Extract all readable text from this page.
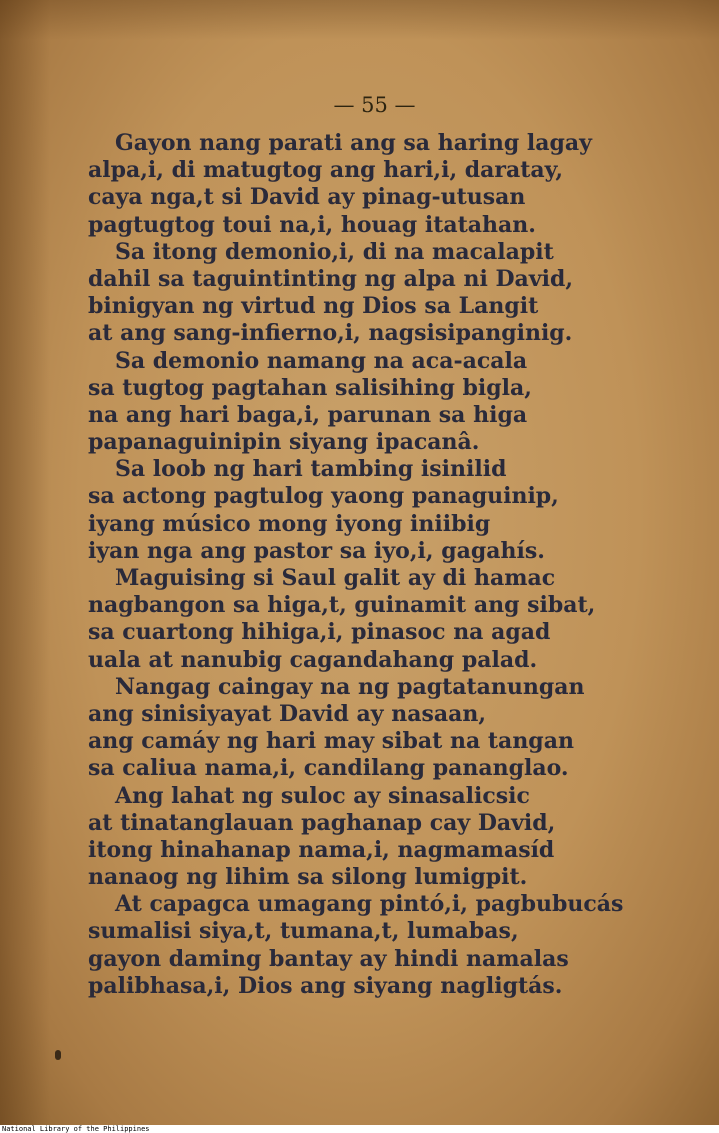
— 55 —
Gayon nang parati ang sa haring lagay
alpa,i, di matugtog ang hari,i, daratay,
caya nga,t si David ay pinag-utusan
pagtugtog toui na,i, houag itatahan.
Sa itong demonio,i, di na macalapit
dahil sa taguintinting ng alpa ni David,
binigyan ng virtud ng Dios sa Langit
at ang sang-infierno,i, nagsisipanginig.
Sa demonio namang na aca-acala
sa tugtog pagtahan salisihing bigla,
na ang hari baga,i, parunan sa higa
papanaguinipin siyang ipacanâ.
Sa loob ng hari tambing isinilid
sa actong pagtulog yaong panaguinip,
iyang músico mong iyong iniibig
iyan nga ang pastor sa iyo,i, gagahís.
Maguising si Saul galit ay di hamac
nagbangon sa higa,t, guinamit ang sibat,
sa cuartong hihiga,i, pinasoc na agad
uala at nanubig cagandahang palad.
Nangag caingay na ng pagtatanungan
ang sinisiyayat David ay nasaan,
ang camáy ng hari may sibat na tangan
sa caliua nama,i, candilang pananglao.
Ang lahat ng suloc ay sinasalicsic
at tinatanglauan paghanap cay David,
itong hinahanap nama,i, nagmamasíd
nanaog ng lihim sa silong lumigpit.
At capagca umagang pintó,i, pagbubucás
sumalisi siya,t, tumana,t, lumabas,
gayon daming bantay ay hindi namalas
palibhasa,i, Dios ang siyang nagligtás.
National Library of the Philippines
